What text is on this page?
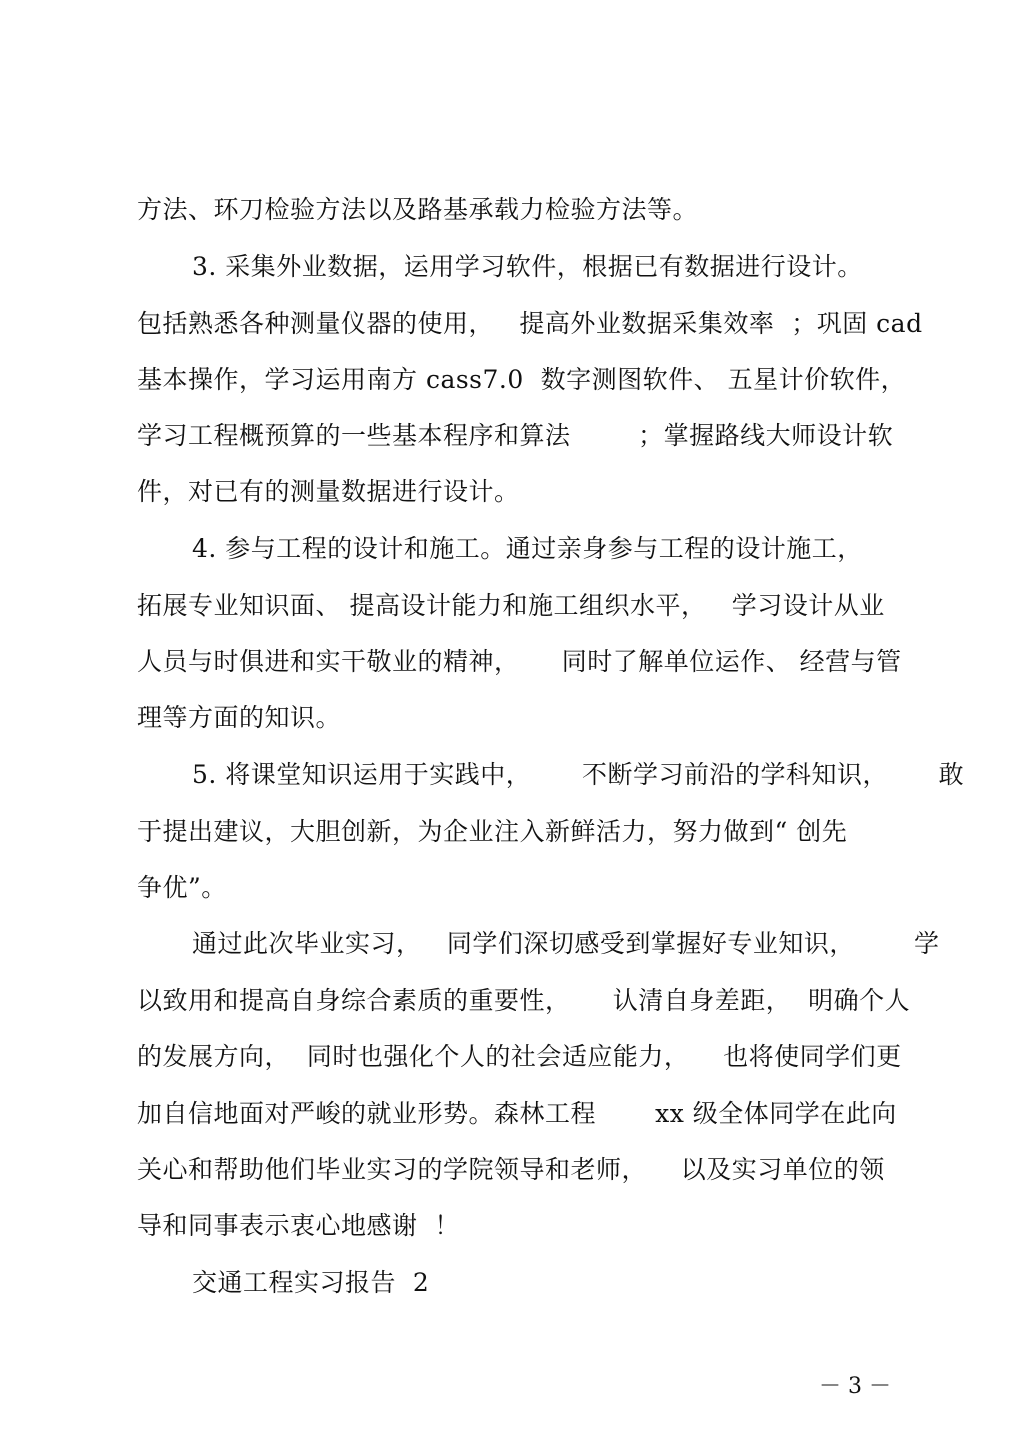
方法、环刀检验方法以及路基承载力检验方法等。
3. 采集外业数据，运用学习软件，根据已有数据进行设计。
包括熟悉各种测量仪器的使用，   提高外业数据采集效率  ；巩固 cad
基本操作，学习运用南方 cass7.0  数字测图软件、 五星计价软件，
学习工程概预算的一些基本程序和算法        ；掌握路线大师设计软
件，对已有的测量数据进行设计。
4. 参与工程的设计和施工。通过亲身参与工程的设计施工，
拓展专业知识面、 提高设计能力和施工组织水平，   学习设计从业
人员与时俱进和实干敬业的精神，     同时了解单位运作、 经营与管
理等方面的知识。
5. 将课堂知识运用于实践中，      不断学习前沿的学科知识，      敢
于提出建议，大胆创新，为企业注入新鲜活力，努力做到“ 创先
争优”。
通过此次毕业实习，   同学们深切感受到掌握好专业知识，       学
以致用和提高自身综合素质的重要性，     认清自身差距，  明确个人
的发展方向，  同时也强化个人的社会适应能力，    也将使同学们更
加自信地面对严峻的就业形势。森林工程       xx 级全体同学在此向
关心和帮助他们毕业实习的学院领导和老师，    以及实习单位的领
导和同事表示衷心地感谢  ！
交通工程实习报告  2
－ 3 －
